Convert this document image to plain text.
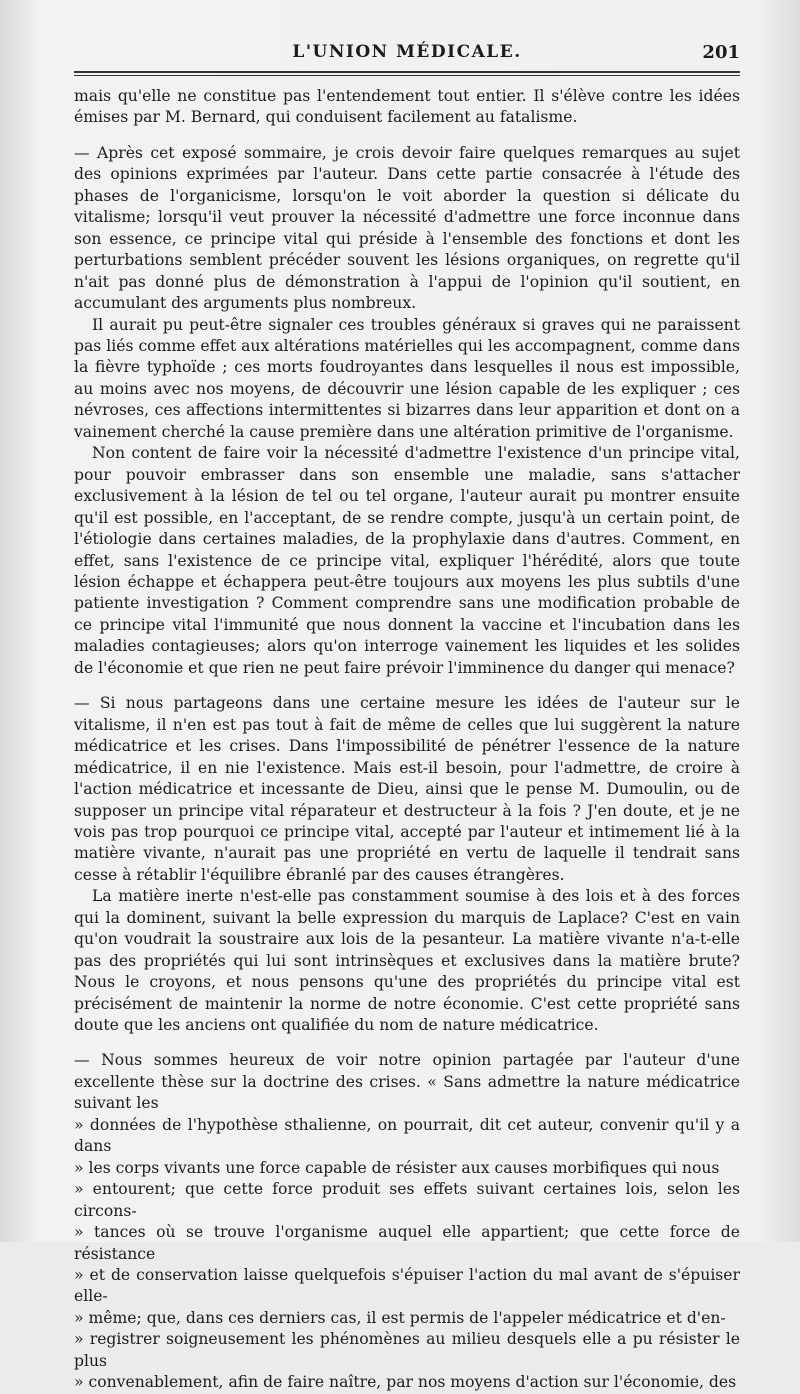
L'UNION MÉDICALE.	201

mais qu'elle ne constitue pas l'entendement tout entier. Il s'élève contre les idées émises par M. Bernard, qui conduisent facilement au fatalisme.

— Après cet exposé sommaire, je crois devoir faire quelques remarques au sujet des opinions exprimées par l'auteur. Dans cette partie consacrée à l'étude des phases de l'organicisme, lorsqu'on le voit aborder la question si délicate du vitalisme; lorsqu'il veut prouver la nécessité d'admettre une force inconnue dans son essence, ce principe vital qui préside à l'ensemble des fonctions et dont les perturbations semblent précéder souvent les lésions organiques, on regrette qu'il n'ait pas donné plus de démonstration à l'appui de l'opinion qu'il soutient, en accumulant des arguments plus nombreux.

Il aurait pu peut-être signaler ces troubles généraux si graves qui ne paraissent pas liés comme effet aux altérations matérielles qui les accompagnent, comme dans la fièvre typhoïde ; ces morts foudroyantes dans lesquelles il nous est impossible, au moins avec nos moyens, de découvrir une lésion capable de les expliquer ; ces névroses, ces affections intermittentes si bizarres dans leur apparition et dont on a vainement cherché la cause première dans une altération primitive de l'organisme.

Non content de faire voir la nécessité d'admettre l'existence d'un principe vital, pour pouvoir embrasser dans son ensemble une maladie, sans s'attacher exclusivement à la lésion de tel ou tel organe, l'auteur aurait pu montrer ensuite qu'il est possible, en l'acceptant, de se rendre compte, jusqu'à un certain point, de l'étiologie dans certaines maladies, de la prophylaxie dans d'autres. Comment, en effet, sans l'existence de ce principe vital, expliquer l'hérédité, alors que toute lésion échappe et échappera peut-être toujours aux moyens les plus subtils d'une patiente investigation ? Comment comprendre sans une modification probable de ce principe vital l'immunité que nous donnent la vaccine et l'incubation dans les maladies contagieuses; alors qu'on interroge vainement les liquides et les solides de l'économie et que rien ne peut faire prévoir l'imminence du danger qui menace?

— Si nous partageons dans une certaine mesure les idées de l'auteur sur le vitalisme, il n'en est pas tout à fait de même de celles que lui suggèrent la nature médicatrice et les crises. Dans l'impossibilité de pénétrer l'essence de la nature médicatrice, il en nie l'existence. Mais est-il besoin, pour l'admettre, de croire à l'action médicatrice et incessante de Dieu, ainsi que le pense M. Dumoulin, ou de supposer un principe vital réparateur et destructeur à la fois ? J'en doute, et je ne vois pas trop pourquoi ce principe vital, accepté par l'auteur et intimement lié à la matière vivante, n'aurait pas une propriété en vertu de laquelle il tendrait sans cesse à rétablir l'équilibre ébranlé par des causes étrangères.

La matière inerte n'est-elle pas constamment soumise à des lois et à des forces qui la dominent, suivant la belle expression du marquis de Laplace? C'est en vain qu'on voudrait la soustraire aux lois de la pesanteur. La matière vivante n'a-t-elle pas des propriétés qui lui sont intrinsèques et exclusives dans la matière brute? Nous le croyons, et nous pensons qu'une des propriétés du principe vital est précisément de maintenir la norme de notre économie. C'est cette propriété sans doute que les anciens ont qualifiée du nom de nature médicatrice.

— Nous sommes heureux de voir notre opinion partagée par l'auteur d'une excellente thèse sur la doctrine des crises. « Sans admettre la nature médicatrice suivant les

» données de l'hypothèse sthalienne, on pourrait, dit cet auteur, convenir qu'il y a dans
» les corps vivants une force capable de résister aux causes morbifiques qui nous
» entourent; que cette force produit ses effets suivant certaines lois, selon les circons-
» tances où se trouve l'organisme auquel elle appartient; que cette force de résistance
» et de conservation laisse quelquefois s'épuiser l'action du mal avant de s'épuiser elle-
» même; que, dans ces derniers cas, il est permis de l'appeler médicatrice et d'en-
» registrer soigneusement les phénomènes au milieu desquels elle a pu résister le plus
» convenablement, afin de faire naître, par nos moyens d'action sur l'économie, des
